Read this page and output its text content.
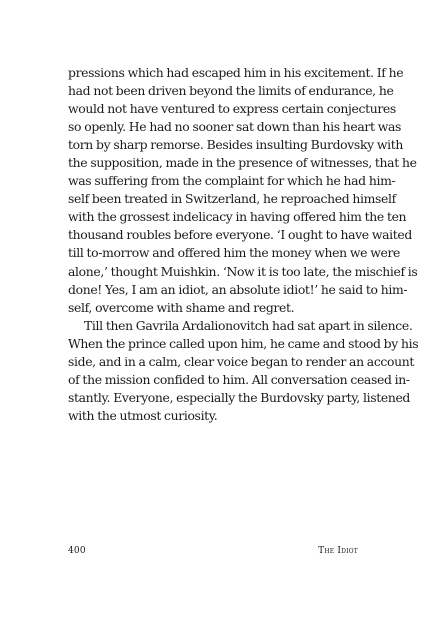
pressions which had escaped him in his excitement. If he
had not been driven beyond the limits of endurance, he
would not have ventured to express certain conjectures
so openly. He had no sooner sat down than his heart was
torn by sharp remorse. Besides insulting Burdovsky with
the supposition, made in the presence of witnesses, that he
was suffering from the complaint for which he had him-
self been treated in Switzerland, he reproached himself
with the grossest indelicacy in having offered him the ten
thousand roubles before everyone. ‘I ought to have waited
till to-morrow and offered him the money when we were
alone,’ thought Muishkin. ‘Now it is too late, the mischief is
done! Yes, I am an idiot, an absolute idiot!’ he said to him-
self, overcome with shame and regret.
Till then Gavrila Ardalionovitch had sat apart in silence.
When the prince called upon him, he came and stood by his
side, and in a calm, clear voice began to render an account
of the mission confided to him. All conversation ceased in-
stantly. Everyone, especially the Burdovsky party, listened
with the utmost curiosity.
400	The Idiot
